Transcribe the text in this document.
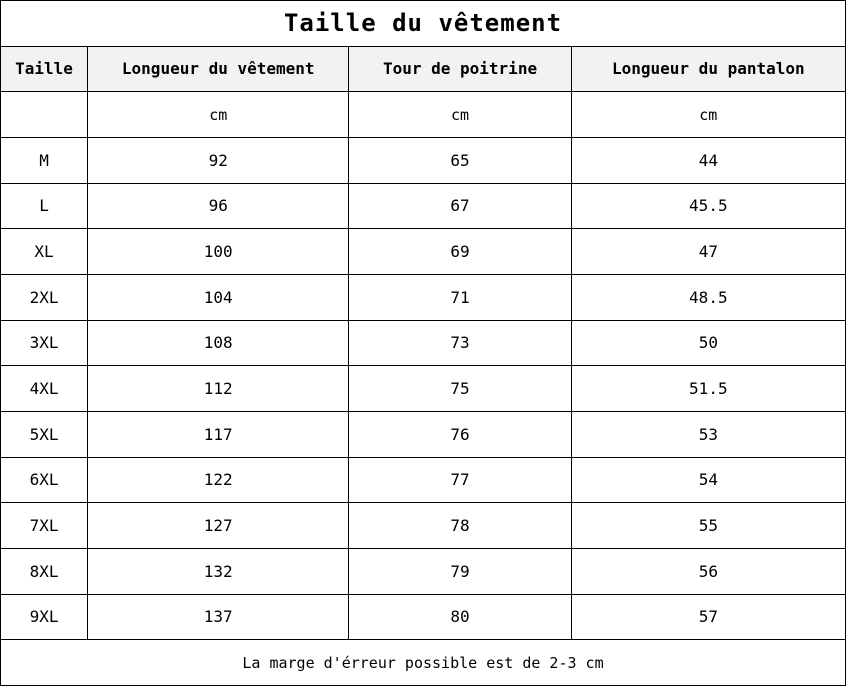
Taille du vêtement			
Taille	Longueur du vêtement	Tour de poitrine	Longueur du pantalon
	cm	cm	cm
M	92	65	44
L	96	67	45.5
XL	100	69	47
2XL	104	71	48.5
3XL	108	73	50
4XL	112	75	51.5
5XL	117	76	53
6XL	122	77	54
7XL	127	78	55
8XL	132	79	56
9XL	137	80	57
La marge d'érreur possible est de 2-3 cm			
